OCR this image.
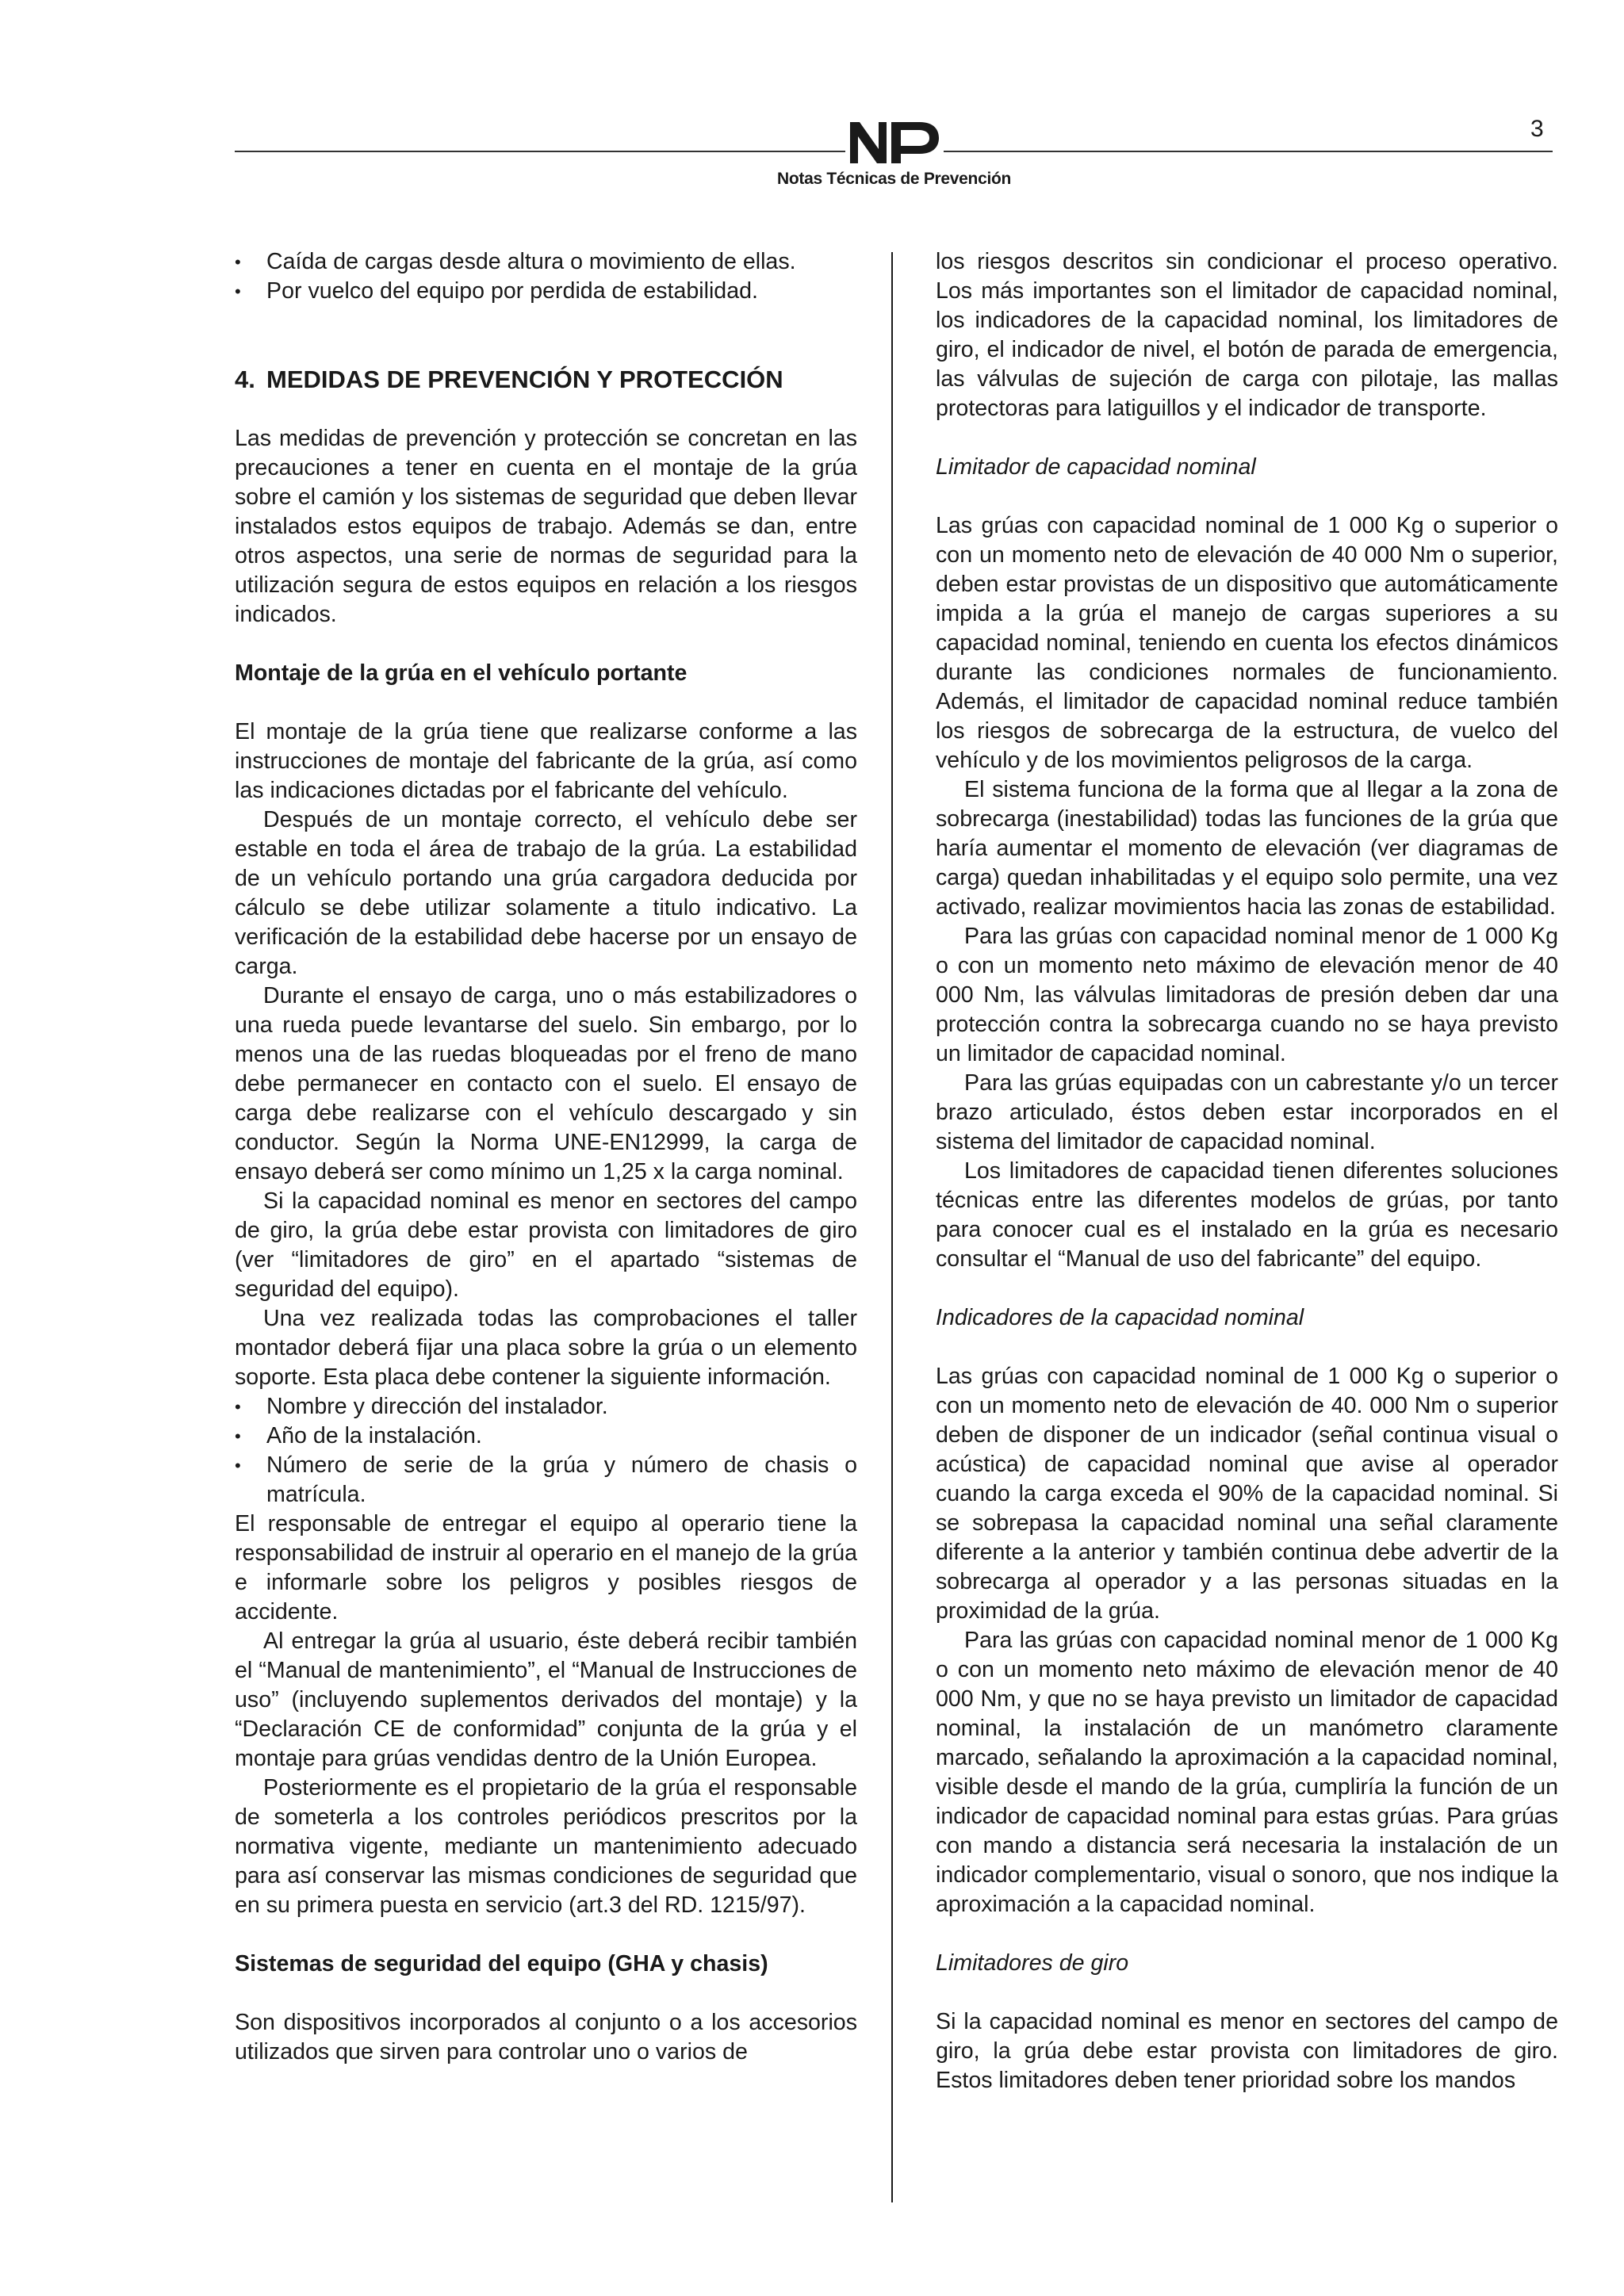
3
Notas Técnicas de Prevención
• Caída de cargas desde altura o movimiento de ellas.
• Por vuelco del equipo por perdida de estabilidad.
4. MEDIDAS DE PREVENCIÓN Y PROTECCIÓN

Las medidas de prevención y protección se concretan en las precauciones a tener en cuenta en el montaje de la grúa sobre el camión y los sistemas de seguridad que deben llevar instalados estos equipos de trabajo. Además se dan, entre otros aspectos, una serie de normas de seguridad para la utilización segura de estos equipos en relación a los riesgos indicados.

Montaje de la grúa en el vehículo portante

El montaje de la grúa tiene que realizarse conforme a las instrucciones de montaje del fabricante de la grúa, así como las indicaciones dictadas por el fabricante del vehículo.

Después de un montaje correcto, el vehículo debe ser estable en toda el área de trabajo de la grúa. La estabilidad de un vehículo portando una grúa cargadora deducida por cálculo se debe utilizar solamente a titulo indicativo. La verificación de la estabilidad debe hacerse por un ensayo de carga.

Durante el ensayo de carga, uno o más estabilizadores o una rueda puede levantarse del suelo. Sin embargo, por lo menos una de las ruedas bloqueadas por el freno de mano debe permanecer en contacto con el suelo. El ensayo de carga debe realizarse con el vehículo descargado y sin conductor. Según la Norma UNE-EN12999, la carga de ensayo deberá ser como mínimo un 1,25 x la carga nominal.

Si la capacidad nominal es menor en sectores del campo de giro, la grúa debe estar provista con limitadores de giro (ver “limitadores de giro” en el apartado “sistemas de seguridad del equipo).

Una vez realizada todas las comprobaciones el taller montador deberá fijar una placa sobre la grúa o un elemento soporte. Esta placa debe contener la siguiente información.

• Nombre y dirección del instalador.
• Año de la instalación.
• Número de serie de la grúa y número de chasis o matrícula.

El responsable de entregar el equipo al operario tiene la responsabilidad de instruir al operario en el manejo de la grúa e informarle sobre los peligros y posibles riesgos de accidente.

Al entregar la grúa al usuario, éste deberá recibir también el “Manual de mantenimiento”, el “Manual de Instrucciones de uso” (incluyendo suplementos derivados del montaje) y la “Declaración CE de conformidad” conjunta de la grúa y el montaje para grúas vendidas dentro de la Unión Europea.

Posteriormente es el propietario de la grúa el responsable de someterla a los controles periódicos prescritos por la normativa vigente, mediante un mantenimiento adecuado para así conservar las mismas condiciones de seguridad que en su primera puesta en servicio (art.3 del RD. 1215/97).

Sistemas de seguridad del equipo (GHA y chasis)

Son dispositivos incorporados al conjunto o a los accesorios utilizados que sirven para controlar uno o varios de

los riesgos descritos sin condicionar el proceso operativo. Los más importantes son el limitador de capacidad nominal, los indicadores de la capacidad nominal, los limitadores de giro, el indicador de nivel, el botón de parada de emergencia, las válvulas de sujeción de carga con pilotaje, las mallas protectoras para latiguillos y el indicador de transporte.

Limitador de capacidad nominal

Las grúas con capacidad nominal de 1 000 Kg o superior o con un momento neto de elevación de 40 000 Nm o superior, deben estar provistas de un dispositivo que automáticamente impida a la grúa el manejo de cargas superiores a su capacidad nominal, teniendo en cuenta los efectos dinámicos durante las condiciones normales de funcionamiento. Además, el limitador de capacidad nominal reduce también los riesgos de sobrecarga de la estructura, de vuelco del vehículo y de los movimientos peligrosos de la carga.

El sistema funciona de la forma que al llegar a la zona de sobrecarga (inestabilidad) todas las funciones de la grúa que haría aumentar el momento de elevación (ver diagramas de carga) quedan inhabilitadas y el equipo solo permite, una vez activado, realizar movimientos hacia las zonas de estabilidad.

Para las grúas con capacidad nominal menor de 1 000 Kg o con un momento neto máximo de elevación menor de 40 000 Nm, las válvulas limitadoras de presión deben dar una protección contra la sobrecarga cuando no se haya previsto un limitador de capacidad nominal.

Para las grúas equipadas con un cabrestante y/o un tercer brazo articulado, éstos deben estar incorporados en el sistema del limitador de capacidad nominal.

Los limitadores de capacidad tienen diferentes soluciones técnicas entre las diferentes modelos de grúas, por tanto para conocer cual es el instalado en la grúa es necesario consultar el “Manual de uso del fabricante” del equipo.

Indicadores de la capacidad nominal

Las grúas con capacidad nominal de 1 000 Kg o superior o con un momento neto de elevación de 40. 000 Nm o superior deben de disponer de un indicador (señal continua visual o acústica) de capacidad nominal que avise al operador cuando la carga exceda el 90% de la capacidad nominal. Si se sobrepasa la capacidad nominal una señal claramente diferente a la anterior y también continua debe advertir de la sobrecarga al operador y a las personas situadas en la proximidad de la grúa.

Para las grúas con capacidad nominal menor de 1 000 Kg o con un momento neto máximo de elevación menor de 40 000 Nm, y que no se haya previsto un limitador de capacidad nominal, la instalación de un manómetro claramente marcado, señalando la aproximación a la capacidad nominal, visible desde el mando de la grúa, cumpliría la función de un indicador de capacidad nominal para estas grúas. Para grúas con mando a distancia será necesaria la instalación de un indicador complementario, visual o sonoro, que nos indique la aproximación a la capacidad nominal.

Limitadores de giro

Si la capacidad nominal es menor en sectores del campo de giro, la grúa debe estar provista con limitadores de giro. Estos limitadores deben tener prioridad sobre los mandos
